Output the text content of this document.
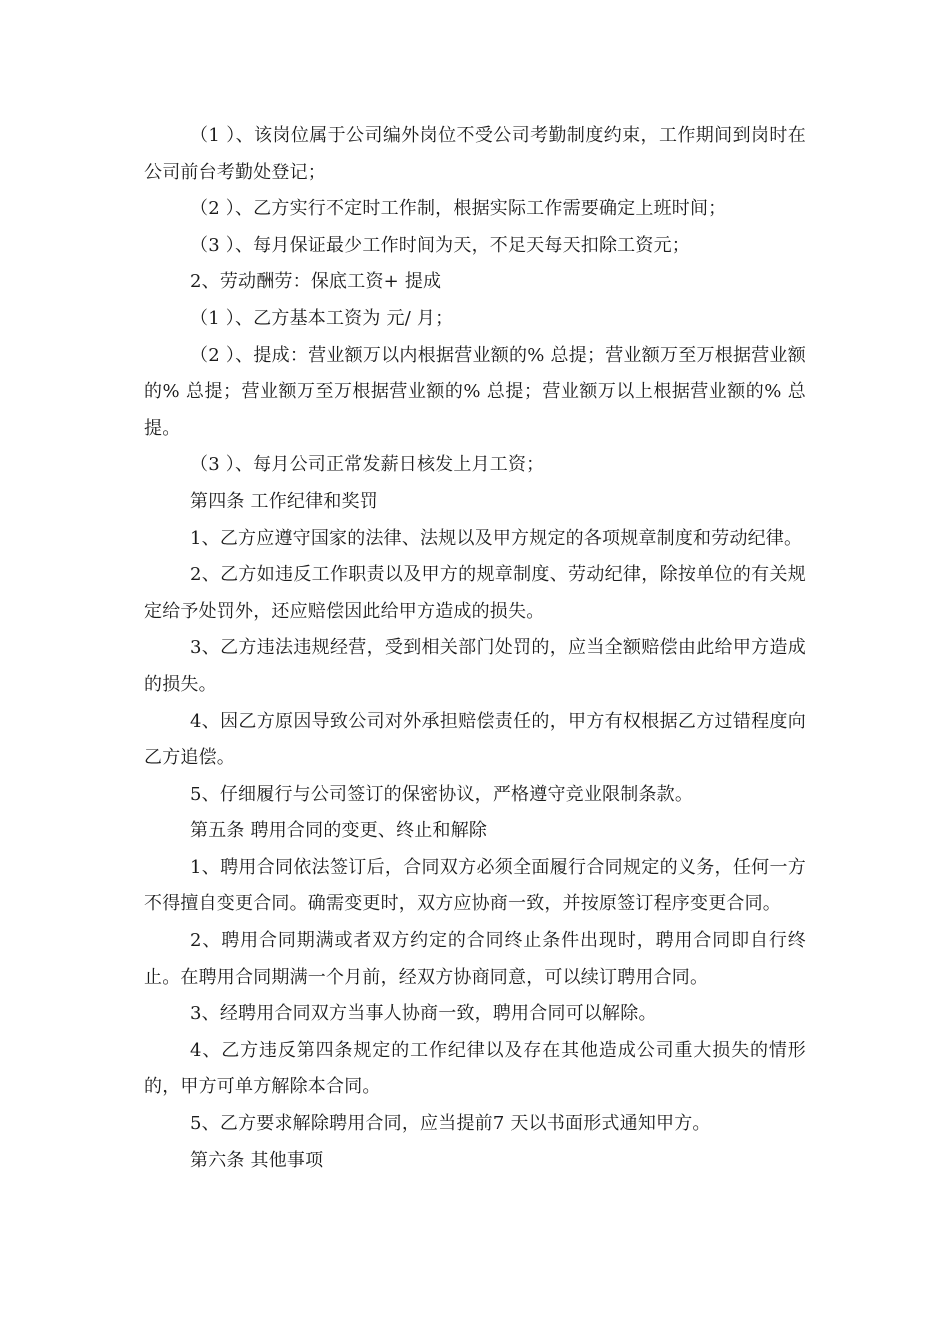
（1 ）、该岗位属于公司编外岗位不受公司考勤制度约束，工作期间到岗时在公司前台考勤处登记；

（2 ）、乙方实行不定时工作制，根据实际工作需要确定上班时间；

（3 ）、每月保证最少工作时间为天，不足天每天扣除工资元；

2、劳动酬劳：保底工资+ 提成

（1 ）、乙方基本工资为 元/ 月；

（2 ）、提成：营业额万以内根据营业额的% 总提；营业额万至万根据营业额的% 总提；营业额万至万根据营业额的% 总提；营业额万以上根据营业额的% 总提。

（3 ）、每月公司正常发薪日核发上月工资；

第四条 工作纪律和奖罚

1、乙方应遵守国家的法律、法规以及甲方规定的各项规章制度和劳动纪律。

2、乙方如违反工作职责以及甲方的规章制度、劳动纪律，除按单位的有关规定给予处罚外，还应赔偿因此给甲方造成的损失。

3、乙方违法违规经营，受到相关部门处罚的，应当全额赔偿由此给甲方造成的损失。

4、因乙方原因导致公司对外承担赔偿责任的，甲方有权根据乙方过错程度向乙方追偿。

5、仔细履行与公司签订的保密协议，严格遵守竞业限制条款。

第五条 聘用合同的变更、终止和解除

1、聘用合同依法签订后，合同双方必须全面履行合同规定的义务，任何一方不得擅自变更合同。确需变更时，双方应协商一致，并按原签订程序变更合同。

2、聘用合同期满或者双方约定的合同终止条件出现时，聘用合同即自行终止。在聘用合同期满一个月前，经双方协商同意，可以续订聘用合同。

3、经聘用合同双方当事人协商一致，聘用合同可以解除。

4、乙方违反第四条规定的工作纪律以及存在其他造成公司重大损失的情形的，甲方可单方解除本合同。

5、乙方要求解除聘用合同，应当提前7 天以书面形式通知甲方。

第六条 其他事项
